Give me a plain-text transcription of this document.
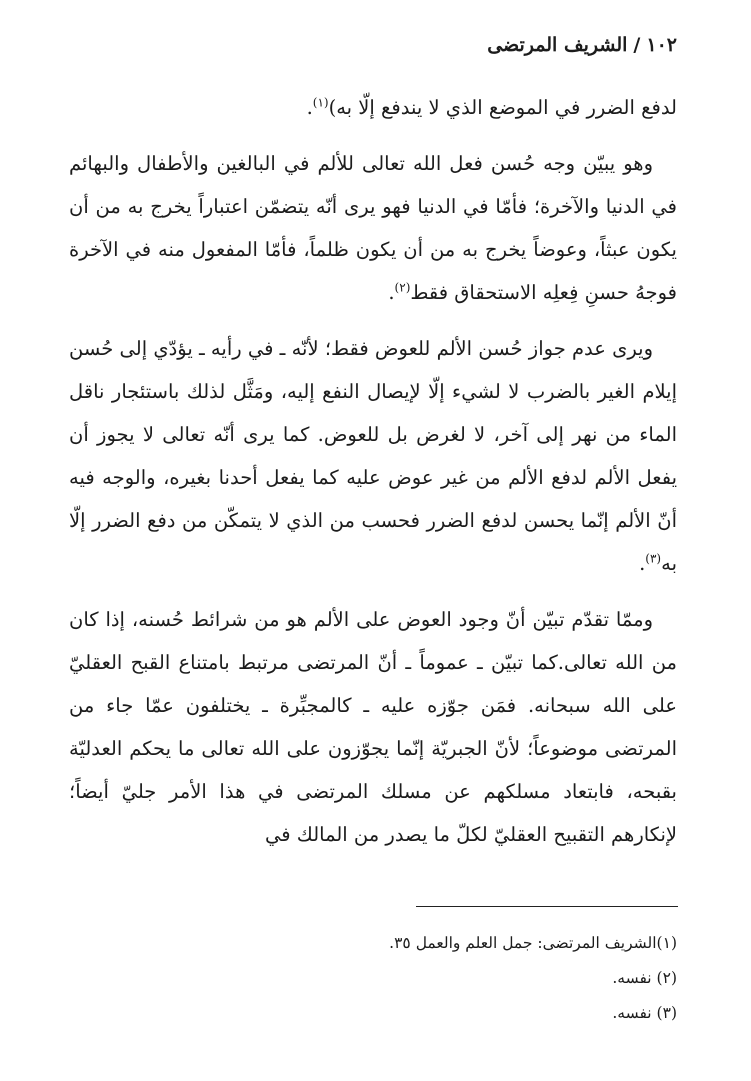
١٠٢/الشريف المرتضى

لدفع الضرر في الموضع الذي لا يندفع إلّا به)$^{(١)}$.

وهو يبيّن وجه حُسن فعل الله تعالى للألم في البالغين والأطفال والبهائم في الدنيا والآخرة؛ فأمّا في الدنيا فهو يرى أنّه يتضمّن اعتباراً يخرج به من أن يكون عبثاً، وعوضاً يخرج به من أن يكون ظلماً، فأمّا المفعول منه في الآخرة فوجهُ حسنِ فِعلِه الاستحقاق فقط$^{(٢)}$.

ويرى عدم جواز حُسن الألم للعوض فقط؛ لأنّه ـ في رأيه ـ يؤدّي إلى حُسن إيلام الغير بالضرب لا لشيء إلّا لإيصال النفع إليه، ومَثَّل لذلك باستئجار ناقل الماء من نهر إلى آخر، لا لغرض بل للعوض. كما يرى أنّه تعالى لا يجوز أن يفعل الألم لدفع الألم من غير عوض عليه كما يفعل أحدنا بغيره، والوجه فيه أنّ الألم إنّما يحسن لدفع الضرر فحسب من الذي لا يتمكّن من دفع الضرر إلّا به$^{(٣)}$.

وممّا تقدّم تبيّن أنّ وجود العوض على الألم هو من شرائط حُسنه، إذا كان من الله تعالى.كما تبيّن ـ عموماً ـ أنّ المرتضى مرتبط بامتناع القبح العقليّ على الله سبحانه. فمَن جوّزه عليه ـ كالمجبِّرة ـ يختلفون عمّا جاء من المرتضى موضوعاً؛ لأنّ الجبريّة إنّما يجوّزون على الله تعالى ما يحكم العدليّة بقبحه، فابتعاد مسلكهم عن مسلك المرتضى في هذا الأمر جليّ أيضاً؛ لإنكارهم التقبيح العقليّ لكلّ ما يصدر من المالك في

(١)الشريف المرتضى: جمل العلم والعمل ٣٥.
(٢) نفسه.
(٣) نفسه.
